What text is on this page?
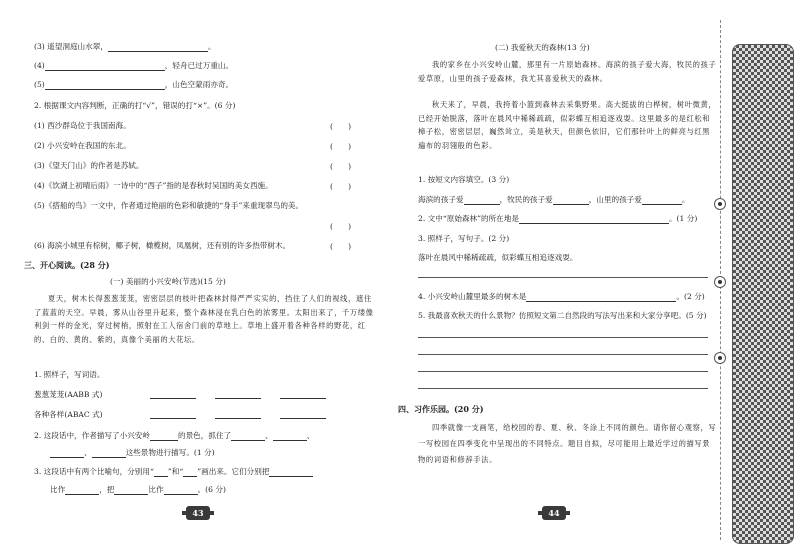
(3) 遥望洞庭山水翠，	。
(4)	，轻舟已过万重山。
(5)	，山色空蒙雨亦奇。
2. 根据课文内容判断，正确的打“√”，错误的打“×”。(6 分)
(1) 西沙群岛位于我国南海。	(　　)
(2) 小兴安岭在我国的东北。	(　　)
(3)《望天门山》的作者是苏轼。	(　　)
(4)《饮湖上初晴后雨》一诗中的“西子”指的是春秋时吴国的美女西施。	(　　)
(5)《搭船的鸟》一文中，作者通过艳丽的色彩和敏捷的“身手”来重现翠鸟的美。
(　　)
(6) 海滨小城里有棕树，椰子树，橄榄树，凤凰树，还有别的许多热带树木。	(　　)
三、开心阅读。(28 分)
(一) 美丽的小兴安岭(节选)(15 分)
夏天，树木长得葱葱茏茏，密密层层的枝叶把森林封得严严实实的，挡住了人们的视线，遮住了蓝蓝的天空。早晨，雾从山谷里升起来，整个森林浸在乳白色的浓雾里。太阳出来了，千万缕像利剑一样的金光，穿过树梢，照射在工人宿舍门前的草地上。草地上盛开着各种各样的野花，红的、白的、黄的、紫的，真像个美丽的大花坛。
1. 照样子，写词语。
葱葱茏茏(AABB 式)
各种各样(ABAC 式)
2. 这段话中，作者描写了小兴安岭	的景色，抓住了	、	、
、	这些景物进行描写。(1 分)
3. 这段话中有两个比喻句，分别用“ ”和“ ”画出来。它们分别把
比作	，把	比作	。(6 分)
43
(二) 我爱秋天的森林(13 分)
我的家乡在小兴安岭山麓，那里有一片原始森林。海滨的孩子爱大海，牧民的孩子爱草原，山里的孩子爱森林，我尤其喜爱秋天的森林。
秋天来了，早晨，我挎着小篮到森林去采集野果。高大挺拔的白桦树，树叶微黄，已经开始脱落，落叶在晨风中稀稀疏疏，似彩蝶互相追逐戏耍。这里最多的是红松和樟子松，密密层层，巍然耸立，美是秋天，但颜色依旧，它们那针叶上的鲜亮与红黑遍布的羽翎般的色彩。
1. 按短文内容填空。(3 分)
海滨的孩子爱	，牧民的孩子爱	，山里的孩子爱	。
2. 文中“原始森林”的所在地是	。(1 分)
3. 照样子，写句子。(2 分)
落叶在晨风中稀稀疏疏，似彩蝶互相追逐戏耍。
4. 小兴安岭山麓里最多的树木是	。(2 分)
5. 我最喜欢秋天的什么景物？仿照短文第二自然段的写法写出来和大家分享吧。(5 分)
四、习作乐园。(20 分)
四季就像一支画笔，给校园的春、夏、秋、冬涂上不同的颜色。请你留心观察，写一写校园在四季变化中呈现出的不同特点。题目自拟，尽可能用上最近学过的描写景物的词语和修辞手法。
44
